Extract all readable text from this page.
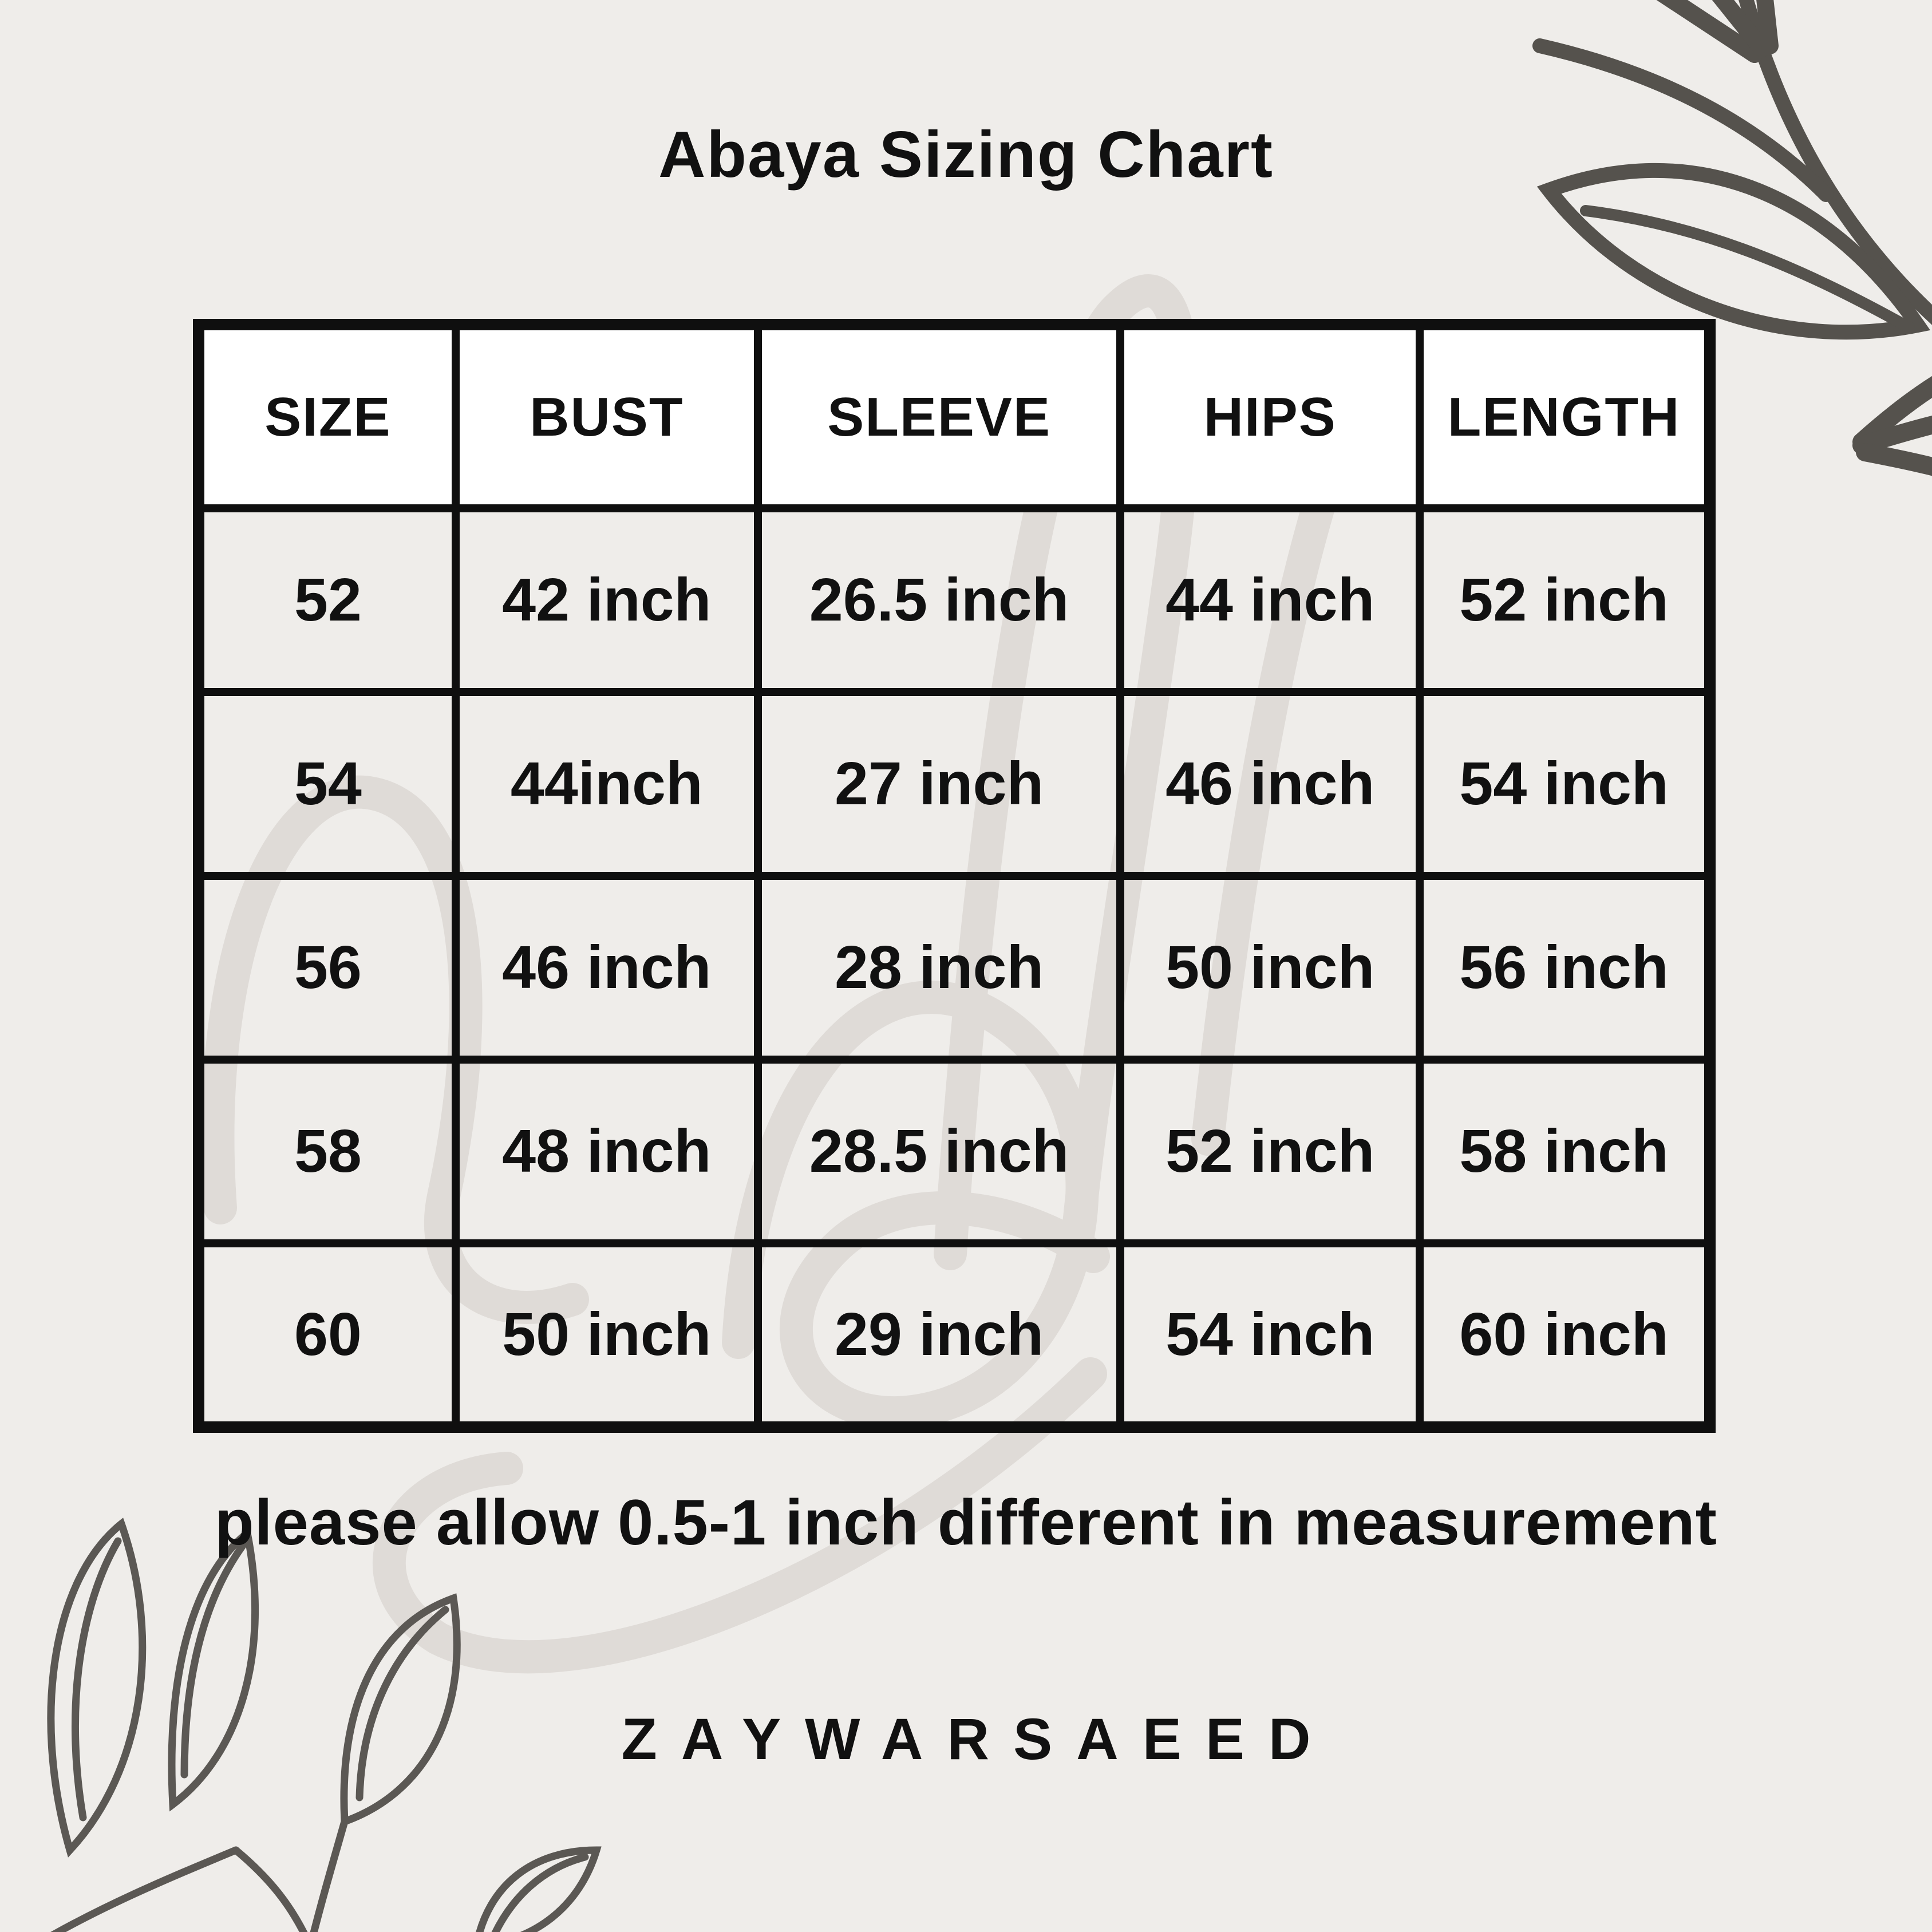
Abaya Sizing Chart
SIZE	BUST	SLEEVE	HIPS	LENGTH
52	42 inch	26.5 inch	44 inch	52 inch
54	44inch	27 inch	46 inch	54 inch
56	46 inch	28 inch	50 inch	56 inch
58	48 inch	28.5 inch	52 inch	58 inch
60	50 inch	29 inch	54 inch	60 inch
please allow 0.5-1 inch different in measurement
ZAYWARSAEED
